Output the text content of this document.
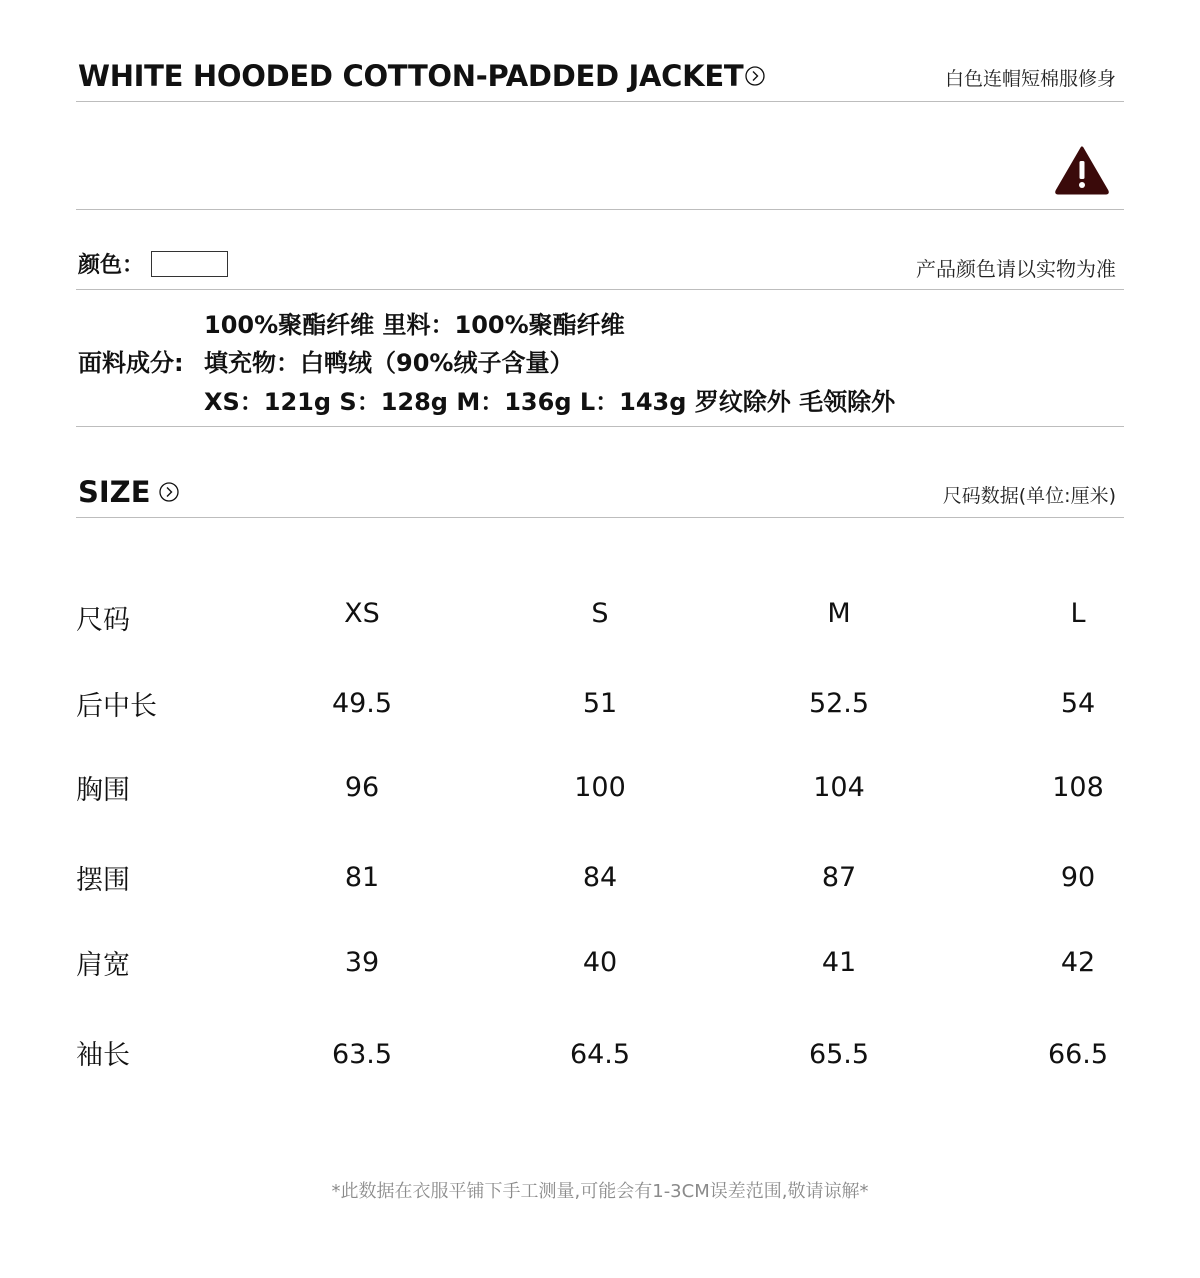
WHITE HOODED COTTON-PADDED JACKET	白色连帽短棉服修身
颜色：	产品颜色请以实物为准
面料成分:
100%聚酯纤维 里料：100%聚酯纤维
填充物：白鸭绒（90%绒子含量）
XS：121g S：128g M：136g L：143g 罗纹除外 毛领除外
SIZE	尺码数据(单位:厘米)
尺码	XS	S	M	L
后中长	49.5	51	52.5	54
胸围	96	100	104	108
摆围	81	84	87	90
肩宽	39	40	41	42
袖长	63.5	64.5	65.5	66.5
*此数据在衣服平铺下手工测量,可能会有1-3CM误差范围,敬请谅解*
